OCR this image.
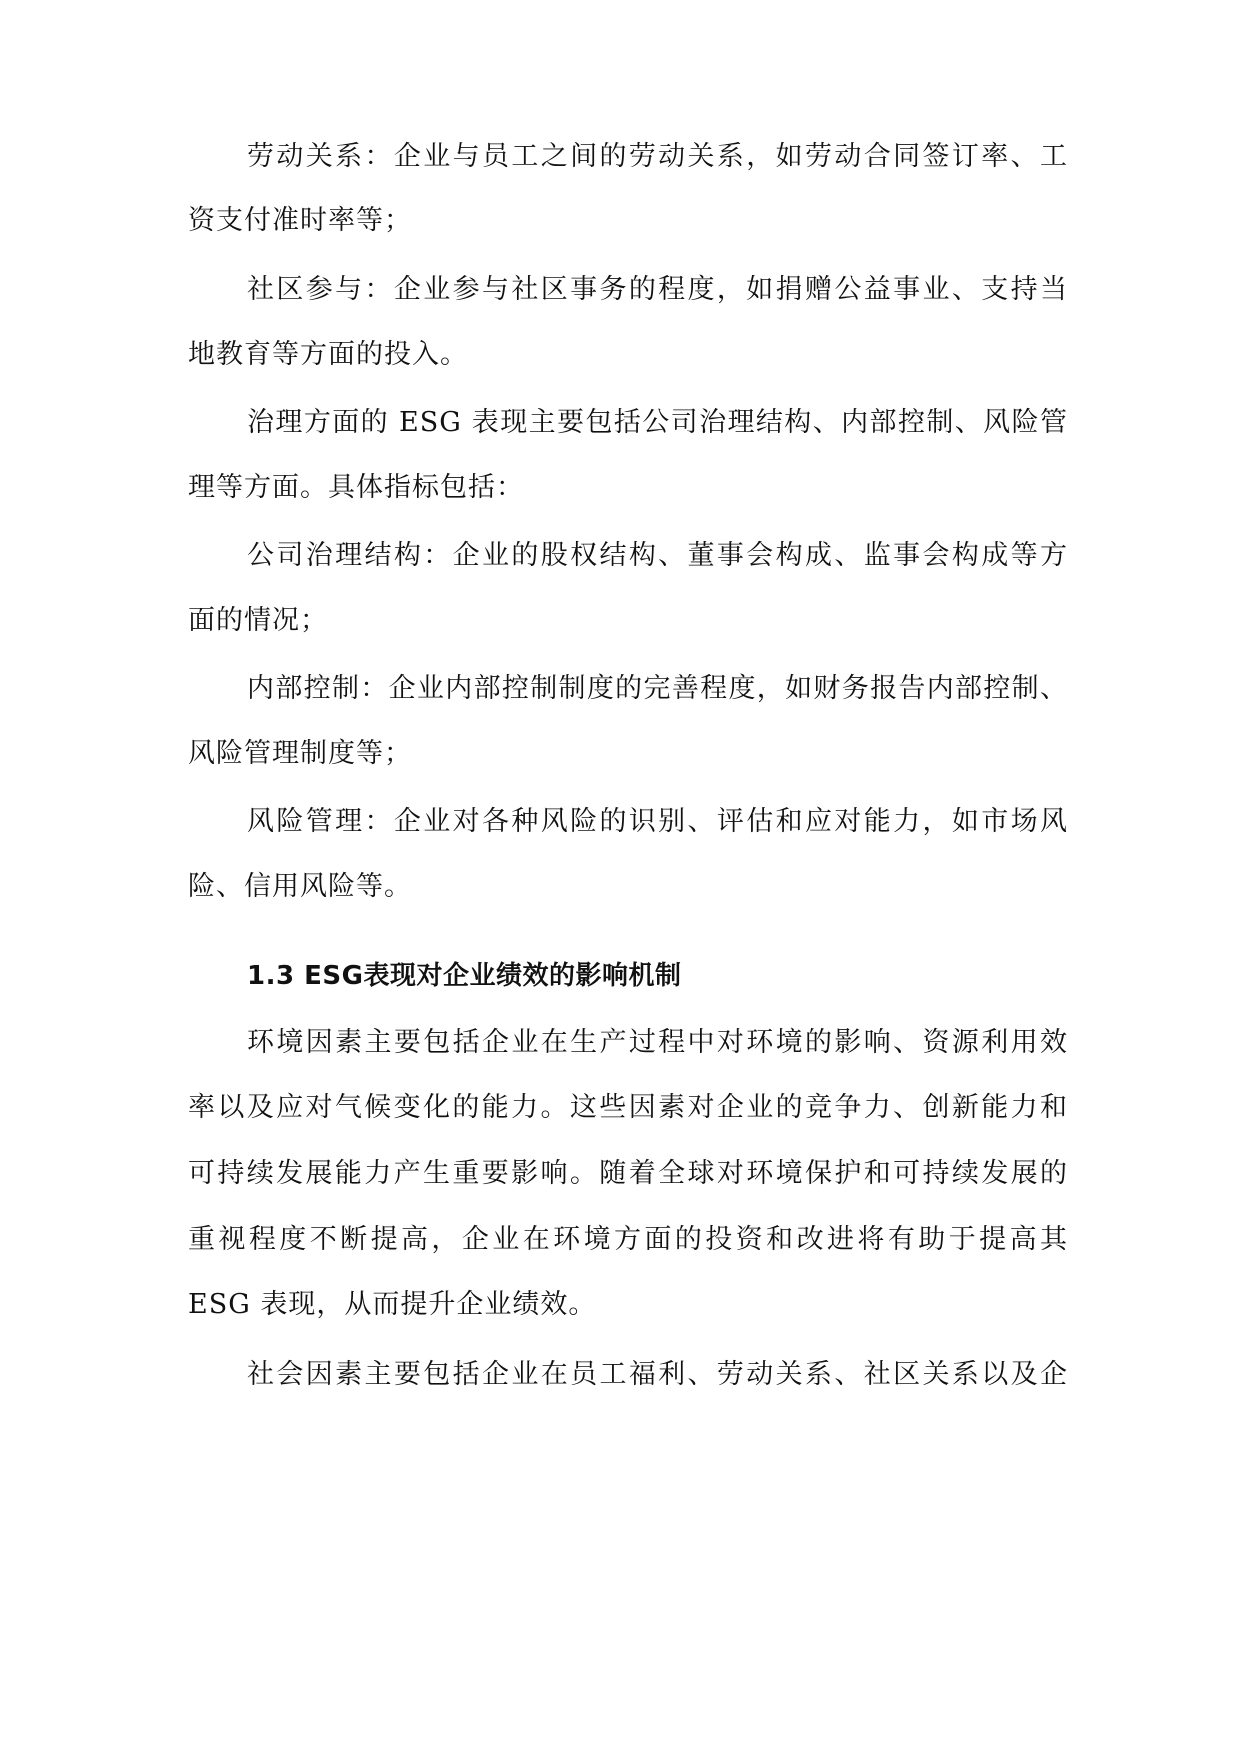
劳动关系：企业与员工之间的劳动关系，如劳动合同签订率、工
资支付准时率等；
社区参与：企业参与社区事务的程度，如捐赠公益事业、支持当
地教育等方面的投入。
治理方面的 ESG 表现主要包括公司治理结构、内部控制、风险管
理等方面。具体指标包括：
公司治理结构：企业的股权结构、董事会构成、监事会构成等方
面的情况；
内部控制：企业内部控制制度的完善程度，如财务报告内部控制、
风险管理制度等；
风险管理：企业对各种风险的识别、评估和应对能力，如市场风
险、信用风险等。
1.3 ESG表现对企业绩效的影响机制
环境因素主要包括企业在生产过程中对环境的影响、资源利用效
率以及应对气候变化的能力。这些因素对企业的竞争力、创新能力和
可持续发展能力产生重要影响。随着全球对环境保护和可持续发展的
重视程度不断提高，企业在环境方面的投资和改进将有助于提高其
ESG 表现，从而提升企业绩效。
社会因素主要包括企业在员工福利、劳动关系、社区关系以及企
